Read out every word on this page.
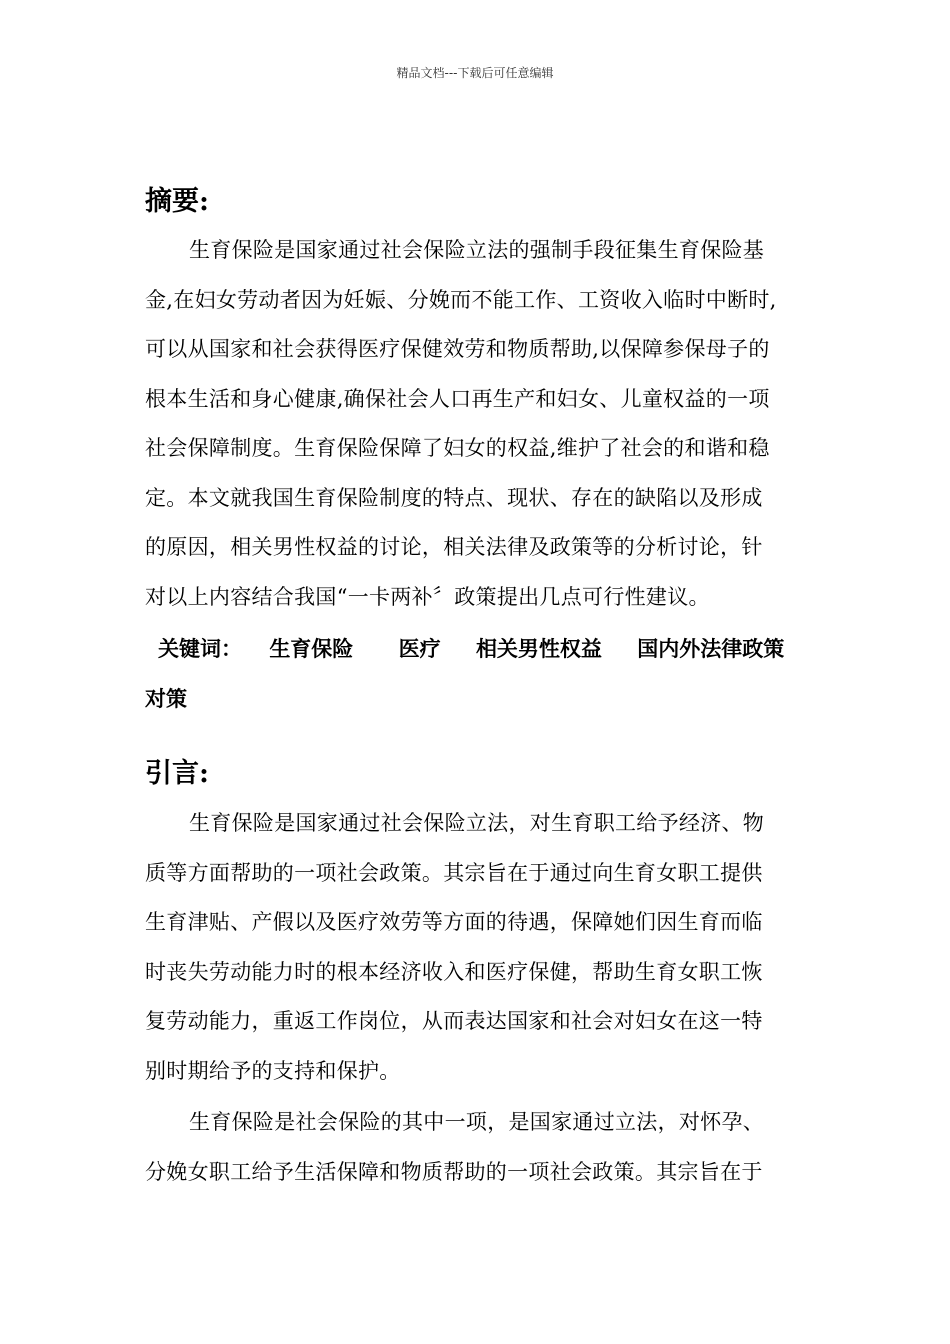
精品文档---下载后可任意编辑
摘要:

生育保险是国家通过社会保险立法的强制手段征集生育保险基
金,在妇女劳动者因为妊娠、分娩而不能工作、工资收入临时中断时,
可以从国家和社会获得医疗保健效劳和物质帮助,以保障参保母子的
根本生活和身心健康,确保社会人口再生产和妇女、儿童权益的一项
社会保障制度。生育保险保障了妇女的权益,维护了社会的和谐和稳
定。本文就我国生育保险制度的特点、现状、存在的缺陷以及形成
的原因，相关男性权益的讨论，相关法律及政策等的分析讨论，针
对以上内容结合我国“一卡两补〞政策提出几点可行性建议。

关键词： 生育保险 医疗 相关男性权益 国内外法律政策
对策
引言:

生育保险是国家通过社会保险立法，对生育职工给予经济、物
质等方面帮助的一项社会政策。其宗旨在于通过向生育女职工提供
生育津贴、产假以及医疗效劳等方面的待遇，保障她们因生育而临
时丧失劳动能力时的根本经济收入和医疗保健，帮助生育女职工恢
复劳动能力，重返工作岗位，从而表达国家和社会对妇女在这一特
别时期给予的支持和保护。

生育保险是社会保险的其中一项，是国家通过立法，对怀孕、
分娩女职工给予生活保障和物质帮助的一项社会政策。其宗旨在于
